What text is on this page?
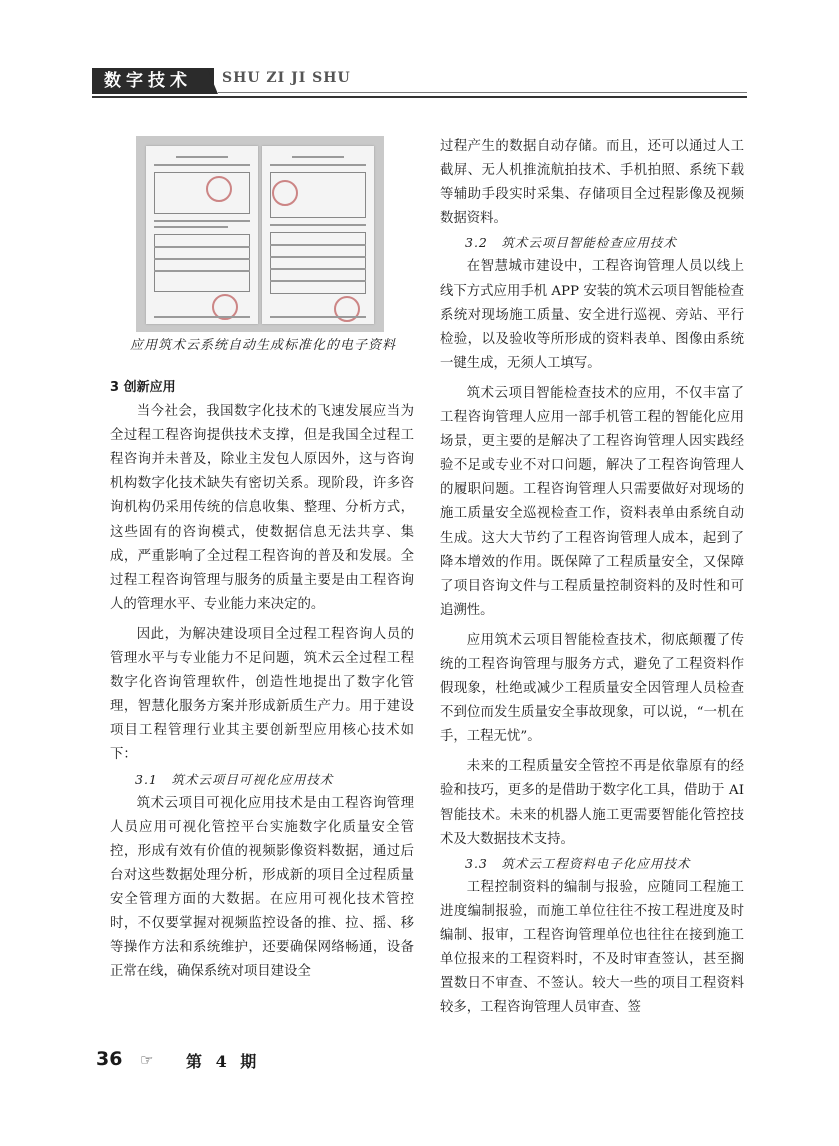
数字技术	SHU ZI JI SHU
应用筑术云系统自动生成标准化的电子资料
3 创新应用

当今社会，我国数字化技术的飞速发展应当为全过程工程咨询提供技术支撑，但是我国全过程工程咨询并未普及，除业主发包人原因外，这与咨询机构数字化技术缺失有密切关系。现阶段，许多咨询机构仍采用传统的信息收集、整理、分析方式，这些固有的咨询模式，使数据信息无法共享、集成，严重影响了全过程工程咨询的普及和发展。全过程工程咨询管理与服务的质量主要是由工程咨询人的管理水平、专业能力来决定的。

因此，为解决建设项目全过程工程咨询人员的管理水平与专业能力不足问题，筑术云全过程工程数字化咨询管理软件，创造性地提出了数字化管理，智慧化服务方案并形成新质生产力。用于建设项目工程管理行业其主要创新型应用核心技术如下：

3.1　筑术云项目可视化应用技术

筑术云项目可视化应用技术是由工程咨询管理人员应用可视化管控平台实施数字化质量安全管控，形成有效有价值的视频影像资料数据，通过后台对这些数据处理分析，形成新的项目全过程质量安全管理方面的大数据。在应用可视化技术管控时，不仅要掌握对视频监控设备的推、拉、摇、移等操作方法和系统维护，还要确保网络畅通，设备正常在线，确保系统对项目建设全

过程产生的数据自动存储。而且，还可以通过人工截屏、无人机推流航拍技术、手机拍照、系统下载等辅助手段实时采集、存储项目全过程影像及视频数据资料。

3.2　筑术云项目智能检查应用技术

在智慧城市建设中，工程咨询管理人员以线上线下方式应用手机 APP 安装的筑术云项目智能检查系统对现场施工质量、安全进行巡视、旁站、平行检验，以及验收等所形成的资料表单、图像由系统一键生成，无须人工填写。

筑术云项目智能检查技术的应用，不仅丰富了工程咨询管理人应用一部手机管工程的智能化应用场景，更主要的是解决了工程咨询管理人因实践经验不足或专业不对口问题，解决了工程咨询管理人的履职问题。工程咨询管理人只需要做好对现场的施工质量安全巡视检查工作，资料表单由系统自动生成。这大大节约了工程咨询管理人成本，起到了降本增效的作用。既保障了工程质量安全，又保障了项目咨询文件与工程质量控制资料的及时性和可追溯性。

应用筑术云项目智能检查技术，彻底颠覆了传统的工程咨询管理与服务方式，避免了工程资料作假现象，杜绝或减少工程质量安全因管理人员检查不到位而发生质量安全事故现象，可以说，“一机在手，工程无忧”。

未来的工程质量安全管控不再是依靠原有的经验和技巧，更多的是借助于数字化工具，借助于 AI 智能技术。未来的机器人施工更需要智能化管控技术及大数据技术支持。

3.3　筑术云工程资料电子化应用技术

工程控制资料的编制与报验，应随同工程施工进度编制报验，而施工单位往往不按工程进度及时编制、报审，工程咨询管理单位也往往在接到施工单位报来的工程资料时，不及时审查签认，甚至搁置数日不审查、不签认。较大一些的项目工程资料较多，工程咨询管理人员审查、签

36 ☞ 第 4 期
